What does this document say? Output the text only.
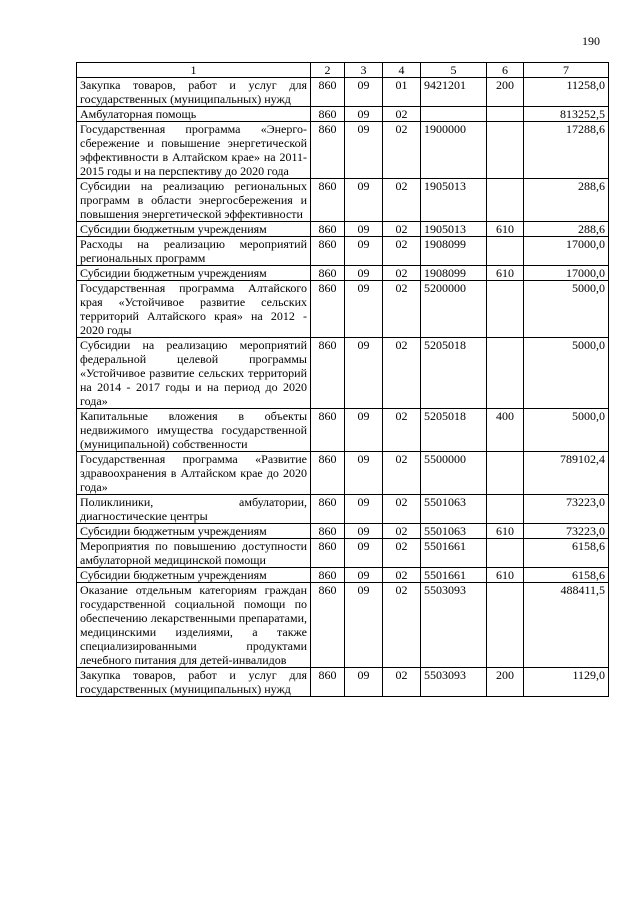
190
1	2	3	4	5	6	7
Закупка товаров, работ и услуг для государственных (муниципальных) нужд	860	09	01	9421201	200	11258,0
Амбулаторная помощь	860	09	02			813252,5
Государственная программа «Энерго-сбережение и повышение энергетической эффективности в Алтайском крае» на 2011-2015 годы и на перспективу до 2020 года	860	09	02	1900000		17288,6
Субсидии на реализацию региональных программ в области энергосбережения и повышения энергетической эффективности	860	09	02	1905013		288,6
Субсидии бюджетным учреждениям	860	09	02	1905013	610	288,6
Расходы на реализацию мероприятий региональных программ	860	09	02	1908099		17000,0
Субсидии бюджетным учреждениям	860	09	02	1908099	610	17000,0
Государственная программа Алтайского края «Устойчивое развитие сельских территорий Алтайского края» на 2012 - 2020 годы	860	09	02	5200000		5000,0
Субсидии на реализацию мероприятий федеральной целевой программы «Устойчивое развитие сельских территорий на 2014 - 2017 годы и на период до 2020 года»	860	09	02	5205018		5000,0
Капитальные вложения в объекты недвижимого имущества государственной (муниципальной) собственности	860	09	02	5205018	400	5000,0
Государственная программа «Развитие здравоохранения в Алтайском крае до 2020 года»	860	09	02	5500000		789102,4
Поликлиники, амбулатории, диагностические центры	860	09	02	5501063		73223,0
Субсидии бюджетным учреждениям	860	09	02	5501063	610	73223,0
Мероприятия по повышению доступности амбулаторной медицинской помощи	860	09	02	5501661		6158,6
Субсидии бюджетным учреждениям	860	09	02	5501661	610	6158,6
Оказание отдельным категориям граждан государственной социальной помощи по обеспечению лекарственными препаратами, медицинскими изделиями, а также специализированными продуктами лечебного питания для детей-инвалидов	860	09	02	5503093		488411,5
Закупка товаров, работ и услуг для государственных (муниципальных) нужд	860	09	02	5503093	200	1129,0
